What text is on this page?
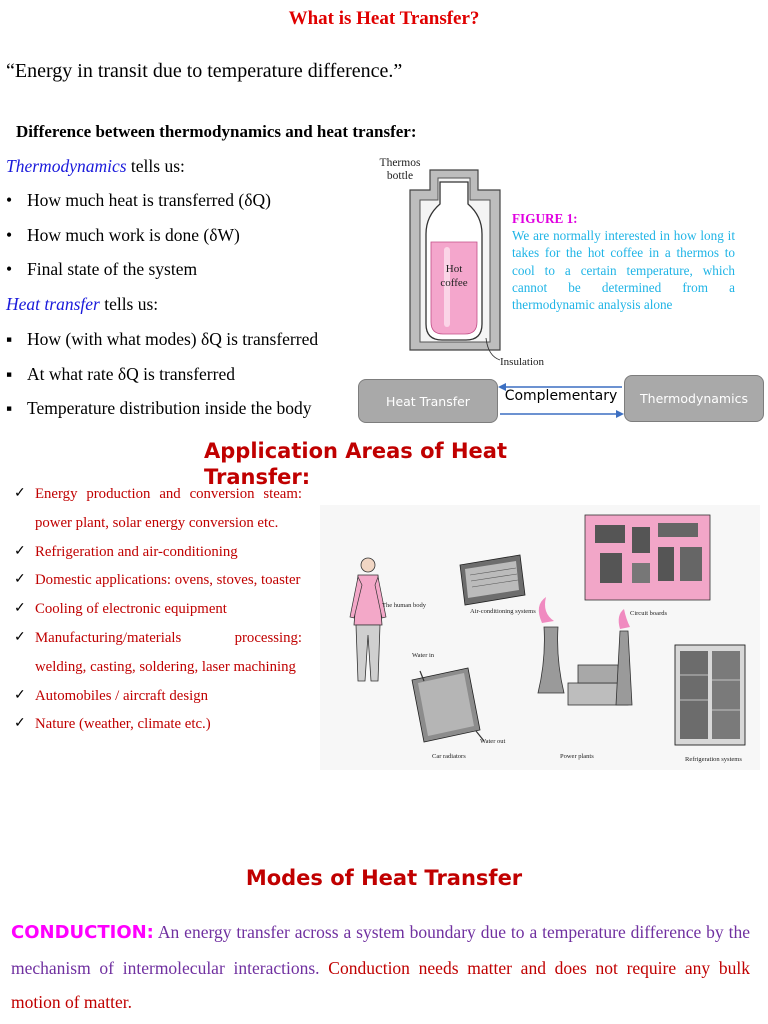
What is Heat Transfer?
“Energy in transit due to temperature difference.”
Difference between thermodynamics and heat transfer:
Thermodynamics tells us:
• How much heat is transferred (δQ)
• How much work is done (δW)
• Final state of the system
Heat transfer tells us:
▪ How (with what modes) δQ is transferred
▪ At what rate δQ is transferred
▪ Temperature distribution inside the body
Thermos
bottle
Hot
coffee
Insulation
FIGURE 1:
We are normally interested in how long it takes for the hot coffee in a thermos to cool to a certain temperature, which cannot be determined from a thermodynamic analysis alone
Heat Transfer	Thermodynamics
Complementary
Application Areas of Heat Transfer:
✓ Energy production and conversion steam: power plant, solar energy conversion etc.
✓ Refrigeration and air-conditioning
✓ Domestic applications: ovens, stoves, toaster
✓ Cooling of electronic equipment
✓ Manufacturing/materials processing: welding, casting, soldering, laser machining
✓ Automobiles / aircraft design
✓ Nature (weather, climate etc.)
The human body
Air-conditioning systems	Circuit boards
Water in
Water out
Car radiators	Power plants	Refrigeration systems
Modes of Heat Transfer
CONDUCTION: An energy transfer across a system boundary due to a temperature difference by the mechanism of intermolecular interactions. Conduction needs matter and does not require any bulk motion of matter.
